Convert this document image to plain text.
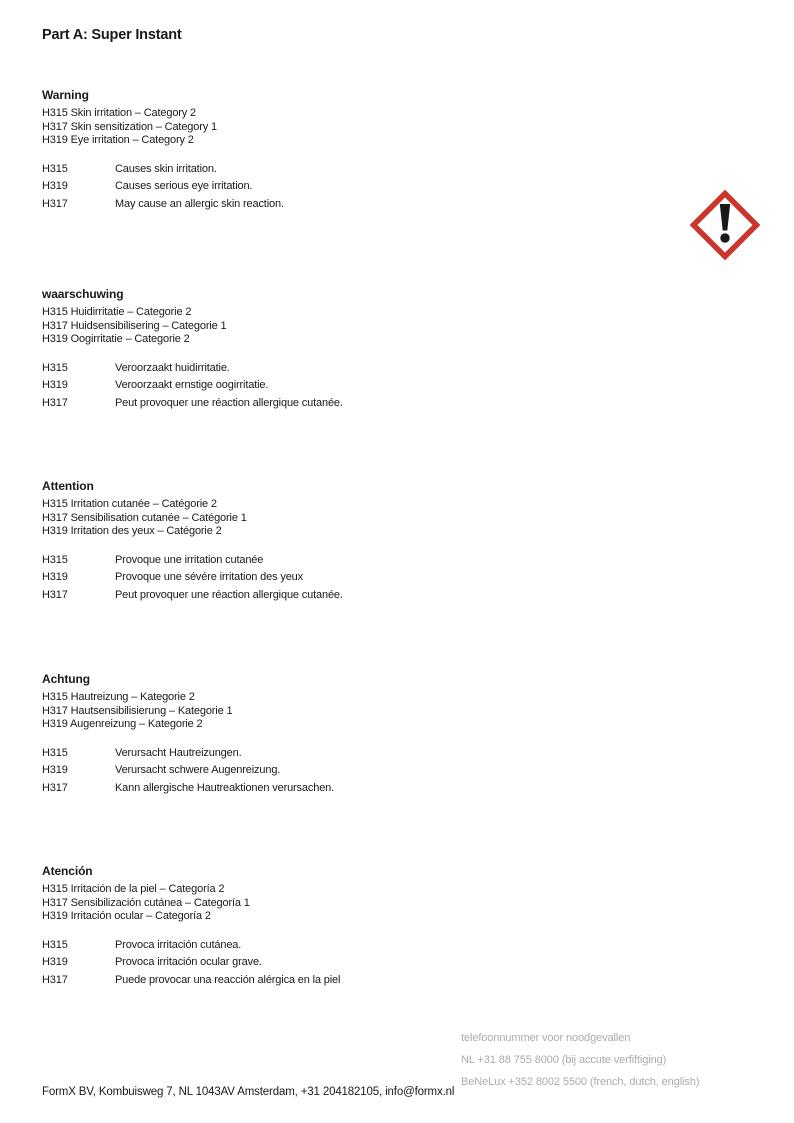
Part A: Super Instant
Warning
H315 Skin irritation – Category 2
H317 Skin sensitization – Category 1
H319 Eye irritation – Category 2
H315	Causes skin irritation.
H319	Causes serious eye irritation.
H317	May cause an allergic skin reaction.
waarschuwing
H315 Huidirritatie – Categorie 2
H317 Huidsensibilisering – Categorie 1
H319 Oogirritatie – Categorie 2
H315	Veroorzaakt huidirritatie.
H319	Veroorzaakt ernstige oogirritatie.
H317	Peut provoquer une réaction allergique cutanée.
Attention
H315 Irritation cutanée – Catégorie 2
H317 Sensibilisation cutanée – Catégorie 1
H319 Irritation des yeux – Catégorie 2
H315	Provoque une irritation cutanée
H319	Provoque une sévére irritation des yeux
H317	Peut provoquer une réaction allergique cutanée.
Achtung
H315 Hautreizung – Kategorie 2
H317 Hautsensibilisierung – Kategorie 1
H319 Augenreizung – Kategorie 2
H315	Verursacht Hautreizungen.
H319	Verursacht schwere Augenreizung.
H317	Kann allergische Hautreaktionen verursachen.
Atención
H315 Irritación de la piel – Categoría 2
H317 Sensibilización cutánea – Categoría 1
H319 Irritación ocular – Categoría 2
H315	Provoca irritación cutánea.
H319	Provoca irritación ocular grave.
H317	Puede provocar una reacción alérgica en la piel
telefoonnummer voor noodgevallen
NL +31 88 755 8000 (bij accute verfiftiging)
BeNeLux +352 8002 5500 (french, dutch, english)
FormX BV, Kombuisweg 7, NL 1043AV Amsterdam, +31 204182105, info@formx.nl
